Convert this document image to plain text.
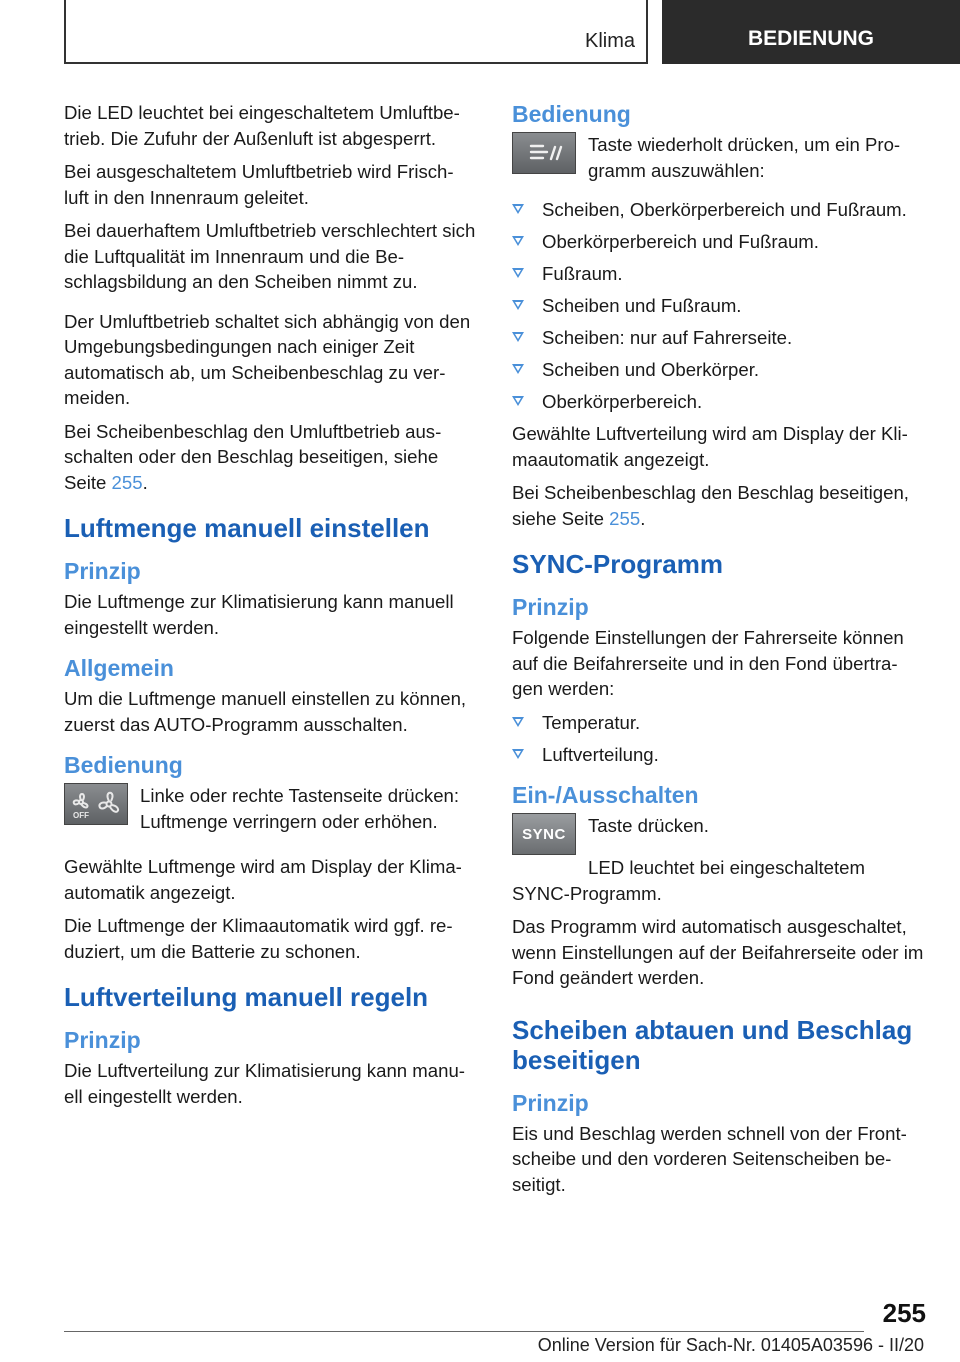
Klima	BEDIENUNG

Die LED leuchtet bei eingeschaltetem Umluftbe-trieb. Die Zufuhr der Außenluft ist abgesperrt.

Bei ausgeschaltetem Umluftbetrieb wird Frisch-luft in den Innenraum geleitet.

Bei dauerhaftem Umluftbetrieb verschlechtert sich die Luftqualität im Innenraum und die Be-schlagsbildung an den Scheiben nimmt zu.

Der Umluftbetrieb schaltet sich abhängig von den Umgebungsbedingungen nach einiger Zeit automatisch ab, um Scheibenbeschlag zu ver-meiden.

Bei Scheibenbeschlag den Umluftbetrieb aus-schalten oder den Beschlag beseitigen, siehe Seite 255.

Luftmenge manuell einstellen
Prinzip

Die Luftmenge zur Klimatisierung kann manuell eingestellt werden.

Allgemein

Um die Luftmenge manuell einstellen zu können, zuerst das AUTO-Programm ausschalten.

Bedienung
OFF

Linke oder rechte Tastenseite drücken: Luftmenge verringern oder erhöhen.

Gewählte Luftmenge wird am Display der Klima-automatik angezeigt.

Die Luftmenge der Klimaautomatik wird ggf. re-duziert, um die Batterie zu schonen.

Luftverteilung manuell regeln
Prinzip

Die Luftverteilung zur Klimatisierung kann manu-ell eingestellt werden.

Bedienung

Taste wiederholt drücken, um ein Pro-gramm auszuwählen:

Scheiben, Oberkörperbereich und Fußraum.
Oberkörperbereich und Fußraum.
Fußraum.
Scheiben und Fußraum.
Scheiben: nur auf Fahrerseite.
Scheiben und Oberkörper.
Oberkörperbereich.

Gewählte Luftverteilung wird am Display der Kli-maautomatik angezeigt.

Bei Scheibenbeschlag den Beschlag beseitigen, siehe Seite 255.

SYNC-Programm
Prinzip

Folgende Einstellungen der Fahrerseite können auf die Beifahrerseite und in den Fond übertra-gen werden:

Temperatur.
Luftverteilung.
Ein-/Ausschalten
SYNC	Taste drücken.

LED leuchtet bei eingeschaltetem SYNC-Programm.

Das Programm wird automatisch ausgeschaltet, wenn Einstellungen auf der Beifahrerseite oder im Fond geändert werden.

Scheiben abtauen und Beschlag beseitigen
Prinzip

Eis und Beschlag werden schnell von der Front-scheibe und den vorderen Seitenscheiben be-seitigt.

255
Online Version für Sach-Nr. 01405A03596 - II/20
